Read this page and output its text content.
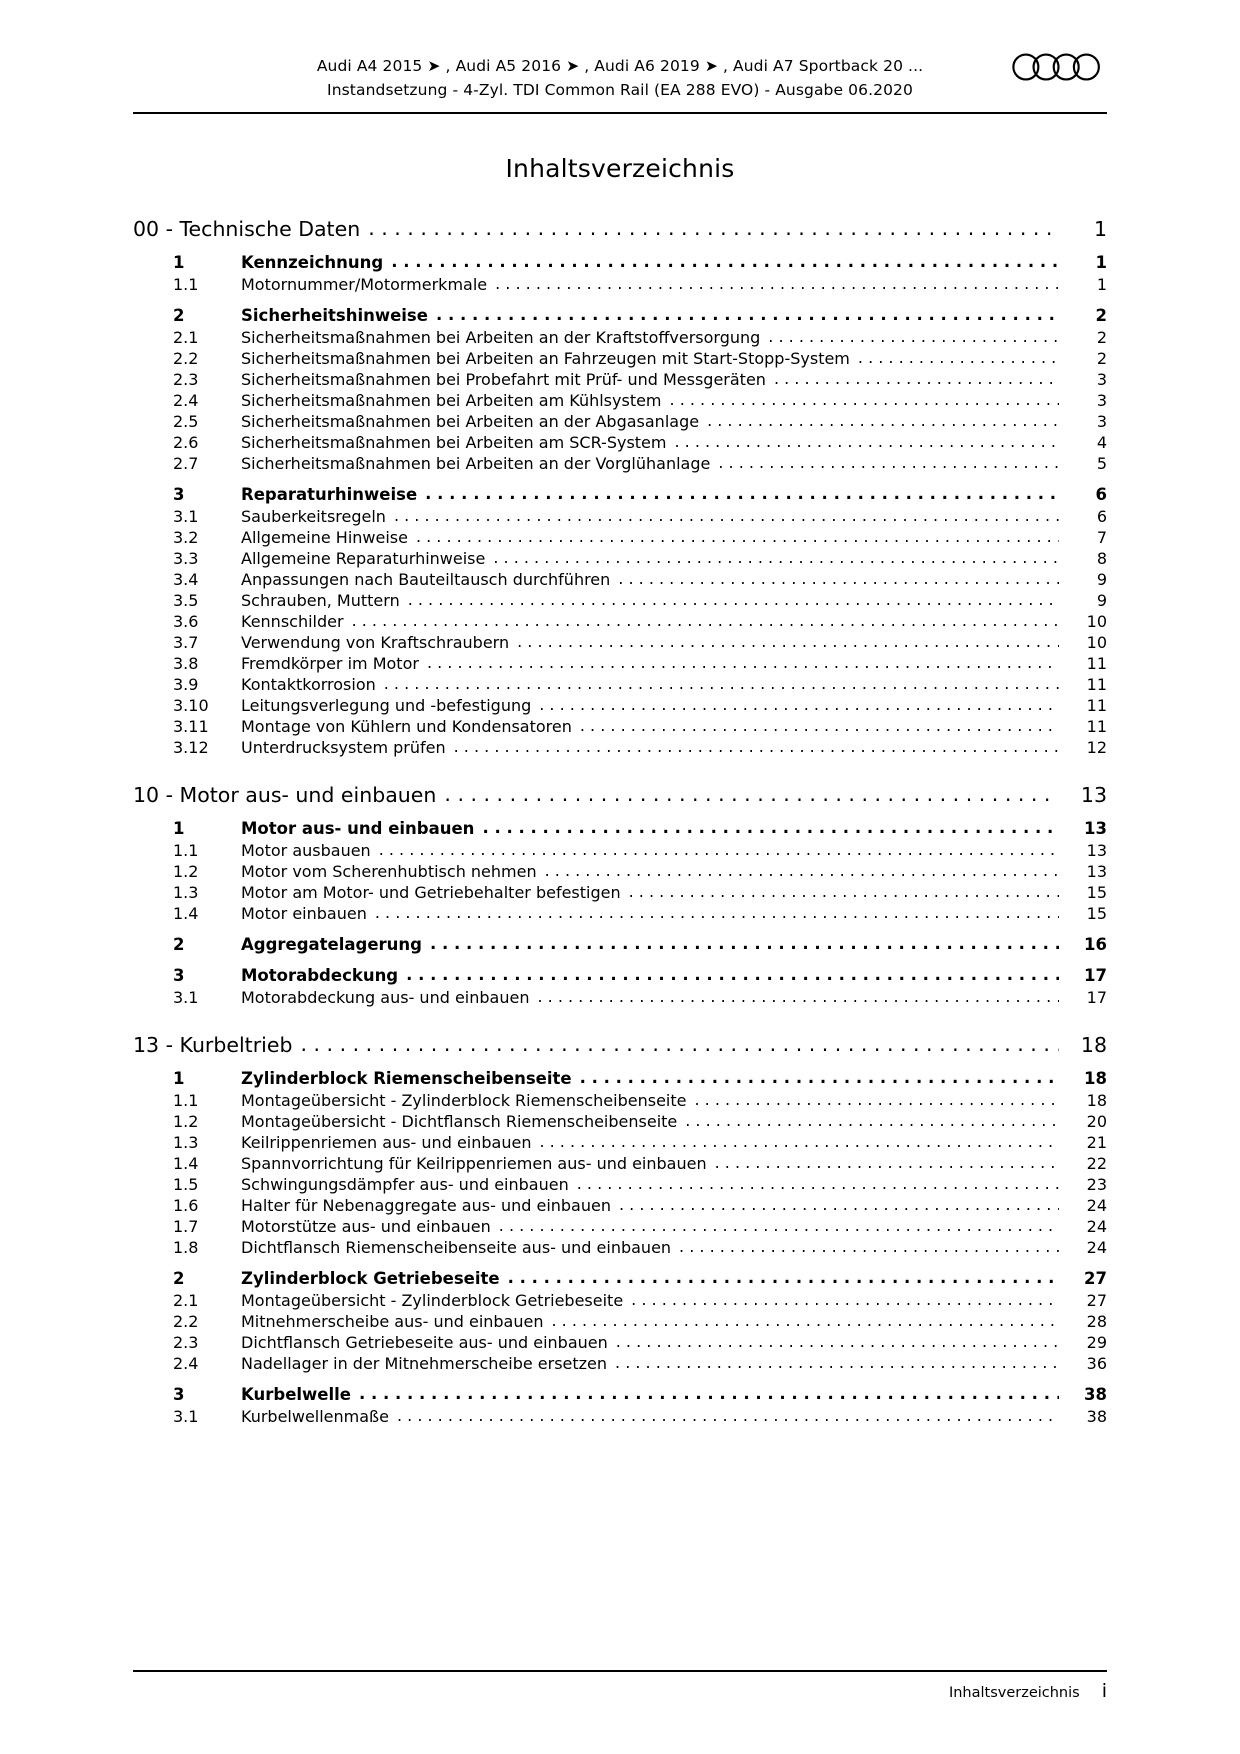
Audi A4 2015 ➤ , Audi A5 2016 ➤ , Audi A6 2019 ➤ , Audi A7 Sportback 20 ...
Instandsetzung - 4-Zyl. TDI Common Rail (EA 288 EVO) - Ausgabe 06.2020
Inhaltsverzeichnis
00 - Technische Daten . . .	1
1	Kennzeichnung . . .	1
1.1	Motornummer/Motormerkmale . . .	1
2	Sicherheitshinweise . . .	2
2.1	Sicherheitsmaßnahmen bei Arbeiten an der Kraftstoffversorgung . . .	2
2.2	Sicherheitsmaßnahmen bei Arbeiten an Fahrzeugen mit Start-Stopp-System . . .	2
2.3	Sicherheitsmaßnahmen bei Probefahrt mit Prüf- und Messgeräten . . .	3
2.4	Sicherheitsmaßnahmen bei Arbeiten am Kühlsystem . . .	3
2.5	Sicherheitsmaßnahmen bei Arbeiten an der Abgasanlage . . .	3
2.6	Sicherheitsmaßnahmen bei Arbeiten am SCR-System . . .	4
2.7	Sicherheitsmaßnahmen bei Arbeiten an der Vorglühanlage . . .	5
3	Reparaturhinweise . . .	6
3.1	Sauberkeitsregeln . . .	6
3.2	Allgemeine Hinweise . . .	7
3.3	Allgemeine Reparaturhinweise . . .	8
3.4	Anpassungen nach Bauteiltausch durchführen . . .	9
3.5	Schrauben, Muttern . . .	9
3.6	Kennschilder . . .	10
3.7	Verwendung von Kraftschraubern . . .	10
3.8	Fremdkörper im Motor . . .	11
3.9	Kontaktkorrosion . . .	11
3.10	Leitungsverlegung und -befestigung . . .	11
3.11	Montage von Kühlern und Kondensatoren . . .	11
3.12	Unterdrucksystem prüfen . . .	12
10 - Motor aus- und einbauen . . .	13
1	Motor aus- und einbauen . . .	13
1.1	Motor ausbauen . . .	13
1.2	Motor vom Scherenhubtisch nehmen . . .	13
1.3	Motor am Motor- und Getriebehalter befestigen . . .	15
1.4	Motor einbauen . . .	15
2	Aggregatelagerung . . .	16
3	Motorabdeckung . . .	17
3.1	Motorabdeckung aus- und einbauen . . .	17
13 - Kurbeltrieb . . .	18
1	Zylinderblock Riemenscheibenseite . . .	18
1.1	Montageübersicht - Zylinderblock Riemenscheibenseite . . .	18
1.2	Montageübersicht - Dichtflansch Riemenscheibenseite . . .	20
1.3	Keilrippenriemen aus- und einbauen . . .	21
1.4	Spannvorrichtung für Keilrippenriemen aus- und einbauen . . .	22
1.5	Schwingungsdämpfer aus- und einbauen . . .	23
1.6	Halter für Nebenaggregate aus- und einbauen . . .	24
1.7	Motorstütze aus- und einbauen . . .	24
1.8	Dichtflansch Riemenscheibenseite aus- und einbauen . . .	24
2	Zylinderblock Getriebeseite . . .	27
2.1	Montageübersicht - Zylinderblock Getriebeseite . . .	27
2.2	Mitnehmerscheibe aus- und einbauen . . .	28
2.3	Dichtflansch Getriebeseite aus- und einbauen . . .	29
2.4	Nadellager in der Mitnehmerscheibe ersetzen . . .	36
3	Kurbelwelle . . .	38
3.1	Kurbelwellenmaße . . .	38
Inhaltsverzeichnis i
